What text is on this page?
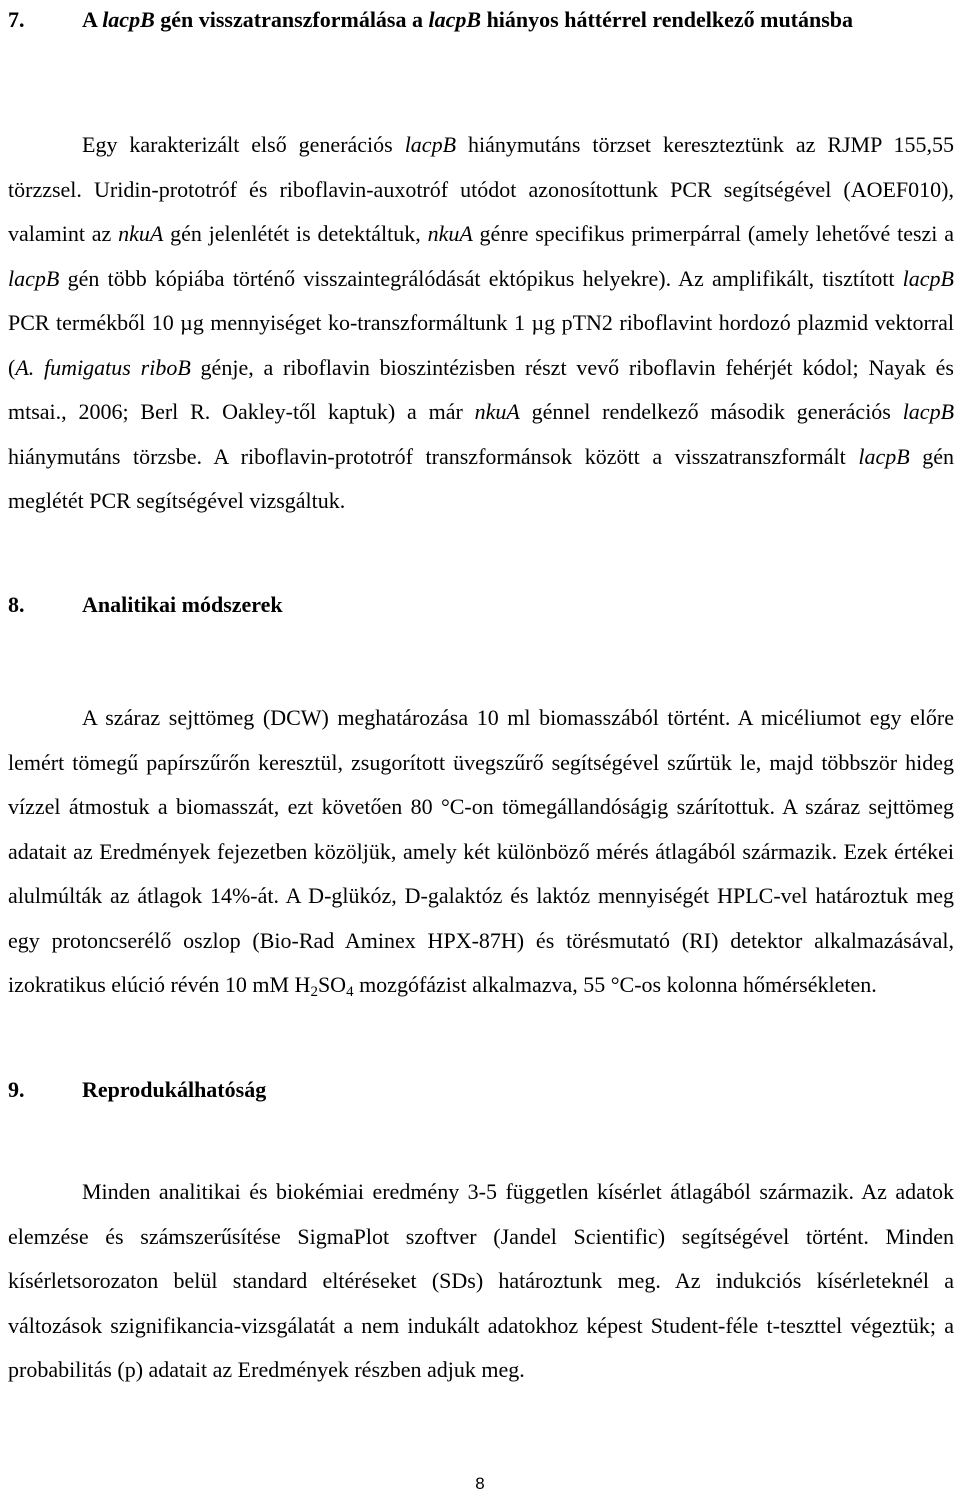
7.	A lacpB gén visszatranszformálása a lacpB hiányos háttérrel rendelkező mutánsba

Egy karakterizált első generációs lacpB hiánymutáns törzset kereszteztünk az RJMP 155,55 törzzsel. Uridin-prototróf és riboflavin-auxotróf utódot azonosítottunk PCR segítségével (AOEF010), valamint az nkuA gén jelenlétét is detektáltuk, nkuA génre specifikus primerpárral (amely lehetővé teszi a lacpB gén több kópiába történő visszaintegrálódását ektópikus helyekre). Az amplifikált, tisztított lacpB PCR termékből 10 µg mennyiséget ko-transzformáltunk 1 µg pTN2 riboflavint hordozó plazmid vektorral (A. fumigatus riboB génje, a riboflavin bioszintézisben részt vevő riboflavin fehérjét kódol; Nayak és mtsai., 2006; Berl R. Oakley-től kaptuk) a már nkuA génnel rendelkező második generációs lacpB hiánymutáns törzsbe. A riboflavin-prototróf transzformánsok között a visszatranszformált lacpB gén meglétét PCR segítségével vizsgáltuk.

8.	Analitikai módszerek

A száraz sejttömeg (DCW) meghatározása 10 ml biomasszából történt. A micéliumot egy előre lemért tömegű papírszűrőn keresztül, zsugorított üvegszűrő segítségével szűrtük le, majd többször hideg vízzel átmostuk a biomasszát, ezt követően 80 °C-on tömegállandóságig szárítottuk. A száraz sejttömeg adatait az Eredmények fejezetben közöljük, amely két különböző mérés átlagából származik. Ezek értékei alulmúlták az átlagok 14%-át. A D-glükóz, D-galaktóz és laktóz mennyiségét HPLC-vel határoztuk meg egy protoncserélő oszlop (Bio-Rad Aminex HPX-87H) és törésmutató (RI) detektor alkalmazásával, izokratikus elúció révén 10 mM $H_2SO_4$ mozgófázist alkalmazva, 55 °C-os kolonna hőmérsékleten.

9.	Reprodukálhatóság

Minden analitikai és biokémiai eredmény 3-5 független kísérlet átlagából származik. Az adatok elemzése és számszerűsítése SigmaPlot szoftver (Jandel Scientific) segítségével történt. Minden kísérletsorozaton belül standard eltéréseket (SDs) határoztunk meg. Az indukciós kísérleteknél a változások szignifikancia-vizsgálatát a nem indukált adatokhoz képest Student-féle t-teszttel végeztük; a probabilitás (p) adatait az Eredmények részben adjuk meg.

8
